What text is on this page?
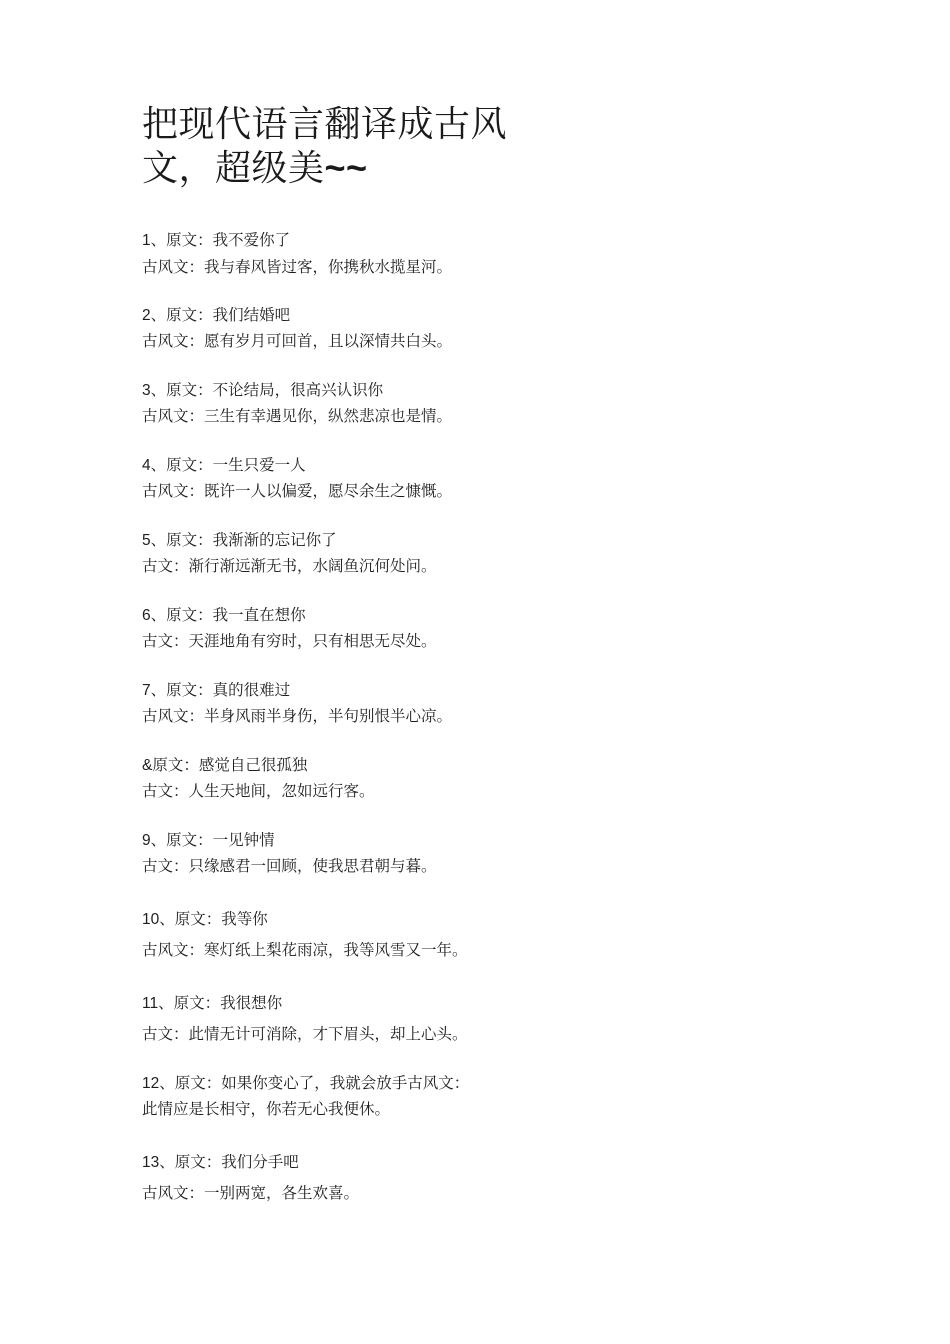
把现代语言翻译成古风
文，超级美~~

1、原文：我不爱你了

古风文：我与春风皆过客，你携秋水揽星河。

2、原文：我们结婚吧

古风文：愿有岁月可回首，且以深情共白头。

3、原文：不论结局，很高兴认识你

古风文：三生有幸遇见你，纵然悲凉也是情。

4、原文：一生只爱一人

古风文：既许一人以偏爱，愿尽余生之慷慨。

5、原文：我渐渐的忘记你了

古文：渐行渐远渐无书，水阔鱼沉何处问。

6、原文：我一直在想你

古文：天涯地角有穷时，只有相思无尽处。

7、原文：真的很难过

古风文：半身风雨半身伤，半句别恨半心凉。

&原文：感觉自己很孤独

古文：人生天地间，忽如远行客。

9、原文：一见钟情

古文：只缘感君一回顾，使我思君朝与暮。

10、原文：我等你

古风文：寒灯纸上梨花雨凉，我等风雪又一年。

11、原文：我很想你

古文：此情无计可消除，才下眉头，却上心头。

12、原文：如果你变心了，我就会放手古风文：

此情应是长相守，你若无心我便休。

13、原文：我们分手吧

古风文：一别两宽，各生欢喜。
